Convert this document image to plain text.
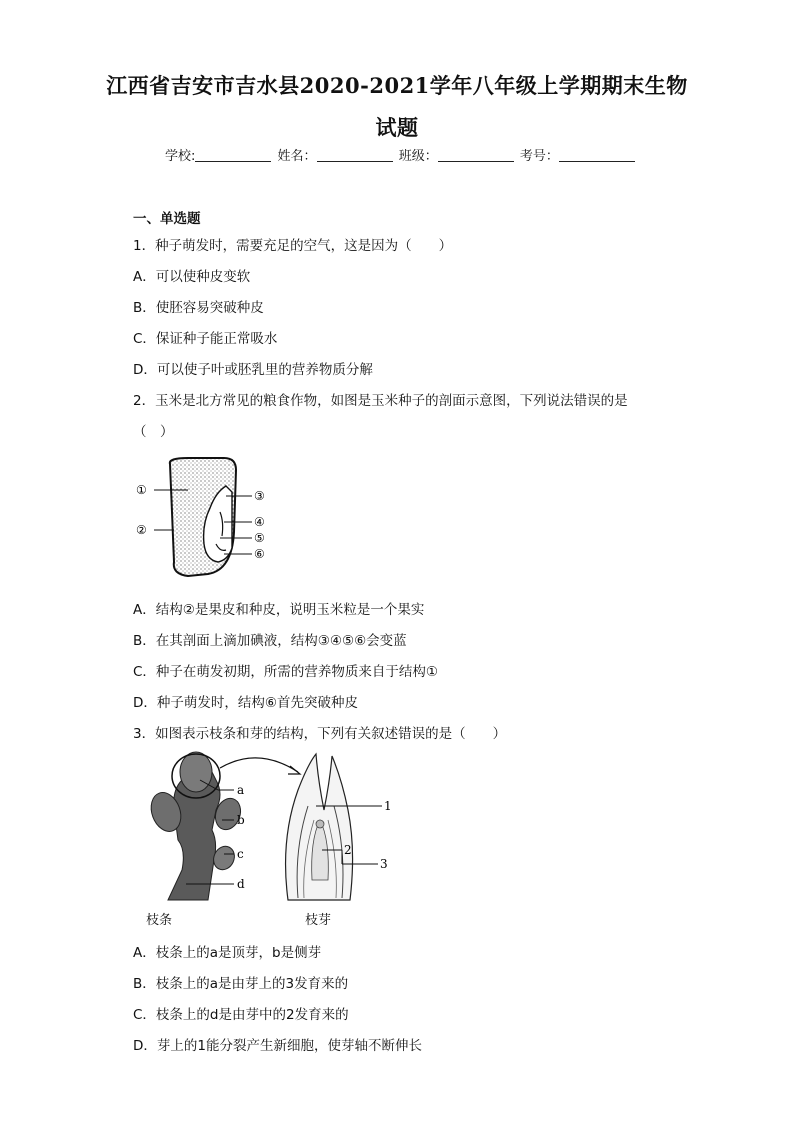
江西省吉安市吉水县2020-2021学年八年级上学期期末生物
试题
学校:	姓名：	班级：	考号：
一、单选题
1．种子萌发时，需要充足的空气，这是因为（　　）
A．可以使种皮变软
B．使胚容易突破种皮
C．保证种子能正常吸水
D．可以使子叶或胚乳里的营养物质分解
2．玉米是北方常见的粮食作物，如图是玉米种子的剖面示意图，下列说法错误的是
（　）
①
②
③
④
⑤
⑥
A．结构②是果皮和种皮，说明玉米粒是一个果实
B．在其剖面上滴加碘液，结构③④⑤⑥会变蓝
C．种子在萌发初期，所需的营养物质来自于结构①
D．种子萌发时，结构⑥首先突破种皮
3．如图表示枝条和芽的结构，下列有关叙述错误的是（　　）
a
b
c
d
1
2
3
枝条	枝芽
A．枝条上的a是顶芽，b是侧芽
B．枝条上的a是由芽上的3发育来的
C．枝条上的d是由芽中的2发育来的
D．芽上的1能分裂产生新细胞，使芽轴不断伸长
